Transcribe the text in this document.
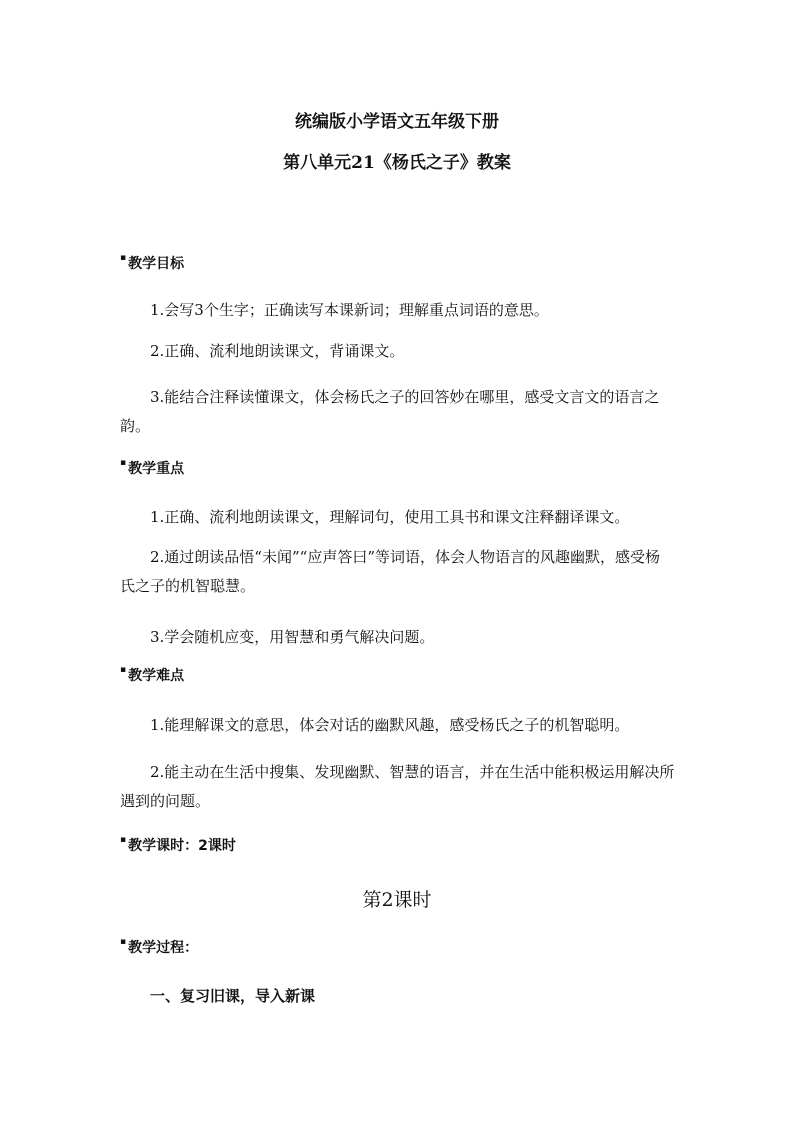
统编版小学语文五年级下册
第八单元21《杨氏之子》教案
▪ 教学目标
1.会写3个生字；正确读写本课新词；理解重点词语的意思。
2.正确、流利地朗读课文，背诵课文。
3.能结合注释读懂课文，体会杨氏之子的回答妙在哪里，感受文言文的语言之韵。
▪ 教学重点
1.正确、流利地朗读课文，理解词句，使用工具书和课文注释翻译课文。
2.通过朗读品悟“未闻”“应声答曰”等词语，体会人物语言的风趣幽默，感受杨氏之子的机智聪慧。
3.学会随机应变，用智慧和勇气解决问题。
▪ 教学难点
1.能理解课文的意思，体会对话的幽默风趣，感受杨氏之子的机智聪明。
2.能主动在生活中搜集、发现幽默、智慧的语言，并在生活中能积极运用解决所遇到的问题。
▪ 教学课时：2课时
第2课时
▪ 教学过程：
一、复习旧课，导入新课
